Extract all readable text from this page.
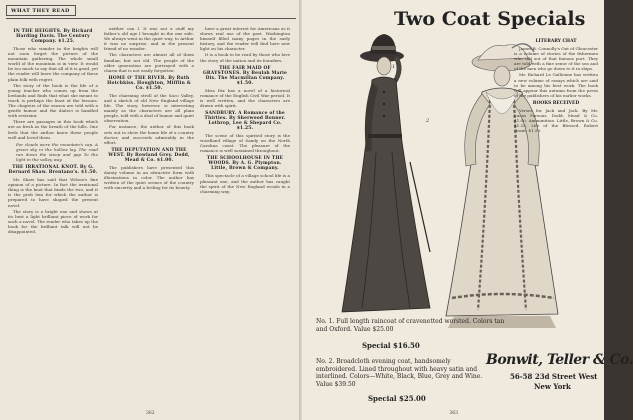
WHAT THEY READ
IN THE HEIGHTS. By Richard Harding Davis. The Century Company. $1.25.

Those who wander in the heights will not soon forget the picture of the mountain gathering. The whole small world of the mountain is in view. It would be too much to say that all of it is good, yet the reader will leave the company of these plain folk with regret.

The story of the book is the life of a young teacher who comes up from the lowlands and finds that what she meant to teach is perhaps the least of the lessons. The chapters of the season are told with a gentle humor and the dialect is handled with restraint.

There are passages in this book which are as fresh as the breath of the hills. One feels that the author knew these people well and loved them.

For clouds were the mountain's cap, A green sky in the hollow lay, The road ran down the steep and gap To the light in the valley way.

THE IRRATIONAL KNOT. By G. Bernard Shaw. Brentano's. $1.50.

Mr. Shaw has said that Wilson's fine opinion of a picture. In fact the irrational thing is the knot that binds the two, and it is the prob lem for which the author is prepared to have shaped the present novel.

The story is a bright one and shows at its best a light brilliant piece of work for such a novel. The reader who takes up the book for the brilliant talk will not be disappointed.

neither can I. It was not a stuff my father's old age I brought in the one side. We always went in the quiet way, to Arthur it was no surprise, and in the present friend of no wonder.

The characters are almost all of them familiar, but not old. The people of the older generation are portrayed with a charm that is not easily forgotten.

HOME O' THE RIVER. By Ruth Hotchkiss. Houghton, Mifflin & Co. $1.50.

The charming stroll of the Saco Valley, and a sketch of old New England village life. The story, however, is interesting mainly as the characters are all plain people, told with a deal of humor and quiet observation.

For instance, the author of this book sets out to show the home life of a country doctor, and succeeds admirably in the effort.

THE DEPUTATION AND THE WEST. By Rowland Grey. Dodd, Mead & Co. $1.00.

The publishers have presented this dainty volume in an attractive form with illustrations in color. The author has written of the quiet scenes of the country with sincerity and a feeling for its beauty.

have a great interest for Americans as it shows real use of the past. Washington himself filled many pages in the early history, and the reader will find here new light on his character.

It is a book to be read by those who love the story of the nation and its founders.

THE FAIR MAID OF GRAYSTONES. By Beulah Marie Dix. The Macmillan Company. $1.50.

Miss Dix has a novel of a historical romance of the English Civil War period. It is well written, and the characters are drawn with spirit.

SANDBURY. A Romance of the Thirties. By Sherwood Bonner. Lothrop, Lee & Shepard Co. $1.25.

The scene of this spirited story is the woodland village of Sandy on the North Carolina coast. The pleasure of the romance is well sustained throughout.

THE SCHOOLHOUSE IN THE WOODS. By A. G. Plympton. Little, Brown & Company.

This spectacle of a village school life is a pleasant one, and the author has caught the spirit of the New England woods in a charming way.

362
Two Coat Specials
1
2
LITERARY CHAT

James B. Connolly's Out of Gloucester is a volume of stories of the fishermen who sail out of that famous port. They are told with a fine sense of the sea and of the men who go down to it in ships.

Mr. Richard Le Gallienne has written a new volume of essays which are said to be among his best work. The book will appear this autumn from the press of the publishers of his earlier works.

BOOKS RECEIVED

Verses for Jack and Jack. By Mr. Lucas Parsons. Dodd, Mead & Co. $1.00. Ammunition. Little, Brown & Co. $1.25. Life of the Blessed. Robert Grant. $1.50.

No. 1. Full length raincoat of cravenetted worsted. Colors tan and Oxford. Value $25.00
Special $16.50
No. 2. Broadcloth evening coat, handsomely embroidered. Lined throughout with heavy satin and interlined. Colors—White, Black, Blue, Grey and Wine. Value $39.50
Special $25.00
Bonwit, Teller & Co.
56-58 23d Street West
New York
363
